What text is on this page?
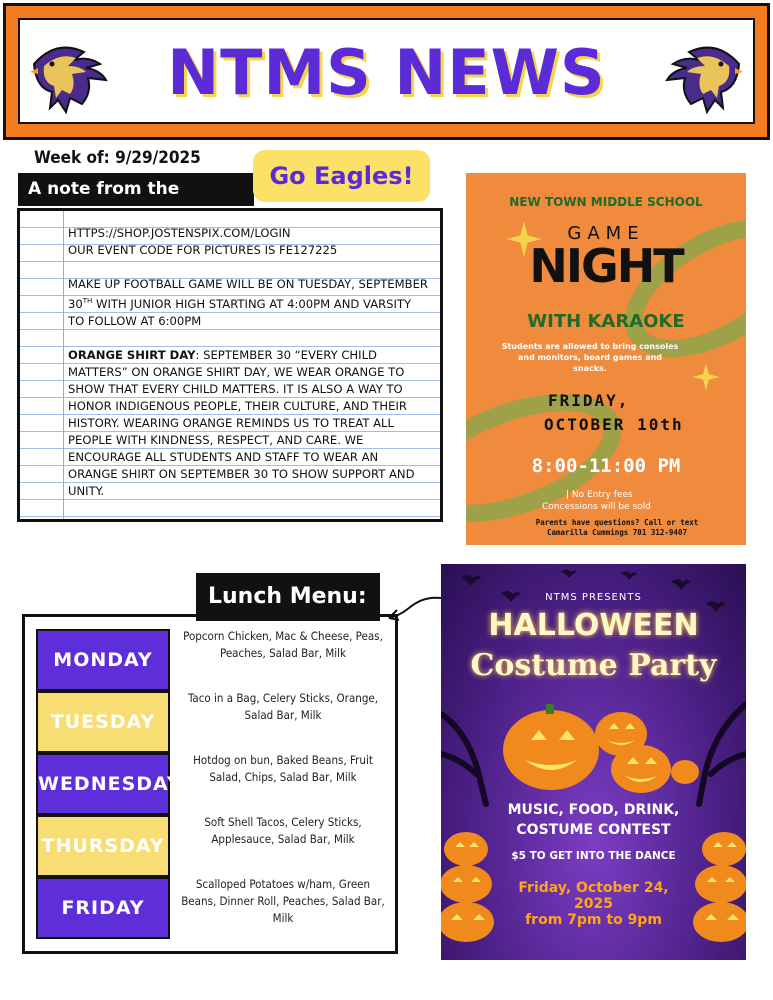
NTMS NEWS
Week of: 9/29/2025
A note from the	Go Eagles!

HTTPS://SHOP.JOSTENSPIX.COM/LOGIN
OUR EVENT CODE FOR PICTURES IS FE127225

MAKE UP FOOTBALL GAME WILL BE ON TUESDAY, SEPTEMBER 30TH WITH JUNIOR HIGH STARTING AT 4:00PM AND VARSITY TO FOLLOW AT 6:00PM

ORANGE SHIRT DAY: SEPTEMBER 30 “EVERY CHILD MATTERS” ON ORANGE SHIRT DAY, WE WEAR ORANGE TO SHOW THAT EVERY CHILD MATTERS. IT IS ALSO A WAY TO HONOR INDIGENOUS PEOPLE, THEIR CULTURE, AND THEIR HISTORY. WEARING ORANGE REMINDS US TO TREAT ALL PEOPLE WITH KINDNESS, RESPECT, AND CARE. WE ENCOURAGE ALL STUDENTS AND STAFF TO WEAR AN ORANGE SHIRT ON SEPTEMBER 30 TO SHOW SUPPORT AND UNITY.

NEW TOWN MIDDLE SCHOOL
GAME
NIGHT
WITH KARAOKE
Students are allowed to bring consoles and monitors, board games and snacks.
FRIDAY,
OCTOBER 10th
8:00-11:00 PM
| No Entry fees
Concessions will be sold
Parents have questions? Call or text Camarilla Cummings 701 312-9407
MONDAY
Popcorn Chicken, Mac & Cheese, Peas, Peaches, Salad Bar, Milk
TUESDAY
Taco in a Bag, Celery Sticks, Orange, Salad Bar, Milk
WEDNESDAY
Hotdog on bun, Baked Beans, Fruit Salad, Chips, Salad Bar, Milk
THURSDAY
Soft Shell Tacos, Celery Sticks, Applesauce, Salad Bar, Milk
FRIDAY
Scalloped Potatoes w/ham, Green Beans, Dinner Roll, Peaches, Salad Bar, Milk
Lunch Menu:	NTMS PRESENTS
HALLOWEEN
Costume Party
MUSIC, FOOD, DRINK,
COSTUME CONTEST
$5 TO GET INTO THE DANCE
Friday, October 24,
2025
from 7pm to 9pm
